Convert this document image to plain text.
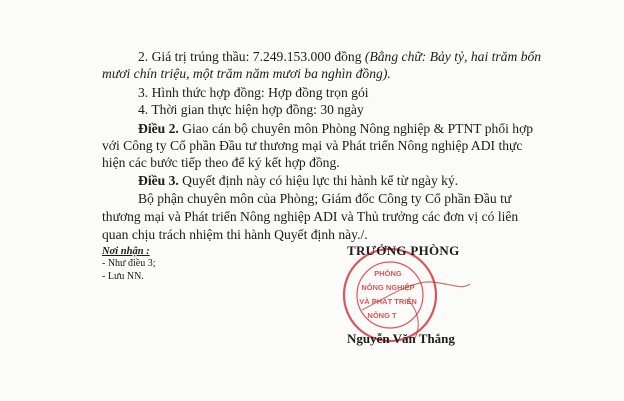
2. Giá trị trúng thầu: 7.249.153.000 đồng (Bằng chữ: Bảy tỷ, hai trăm bốn
mươi chín triệu, một trăm năm mươi ba nghìn đồng).
3. Hình thức hợp đồng: Hợp đồng trọn gói
4. Thời gian thực hiện hợp đồng: 30 ngày
Điều 2. Giao cán bộ chuyên môn Phòng Nông nghiệp & PTNT phối hợp
với Công ty Cổ phần Đầu tư thương mại và Phát triển Nông nghiệp ADI thực
hiện các bước tiếp theo để ký kết hợp đồng.
Điều 3. Quyết định này có hiệu lực thi hành kể từ ngày ký.
Bộ phận chuyên môn của Phòng; Giám đốc Công ty Cổ phần Đầu tư
thương mại và Phát triển Nông nghiệp ADI và Thủ trưởng các đơn vị có liên
quan chịu trách nhiệm thi hành Quyết định này./.
Nơi nhận :
- Như điều 3;
- Lưu NN.	PHÒNG
NÔNG NGHIỆP
VÀ PHÁT TRIỂN
NÔNG T
TRƯỞNG PHÒNG
Nguyễn Văn Thắng
